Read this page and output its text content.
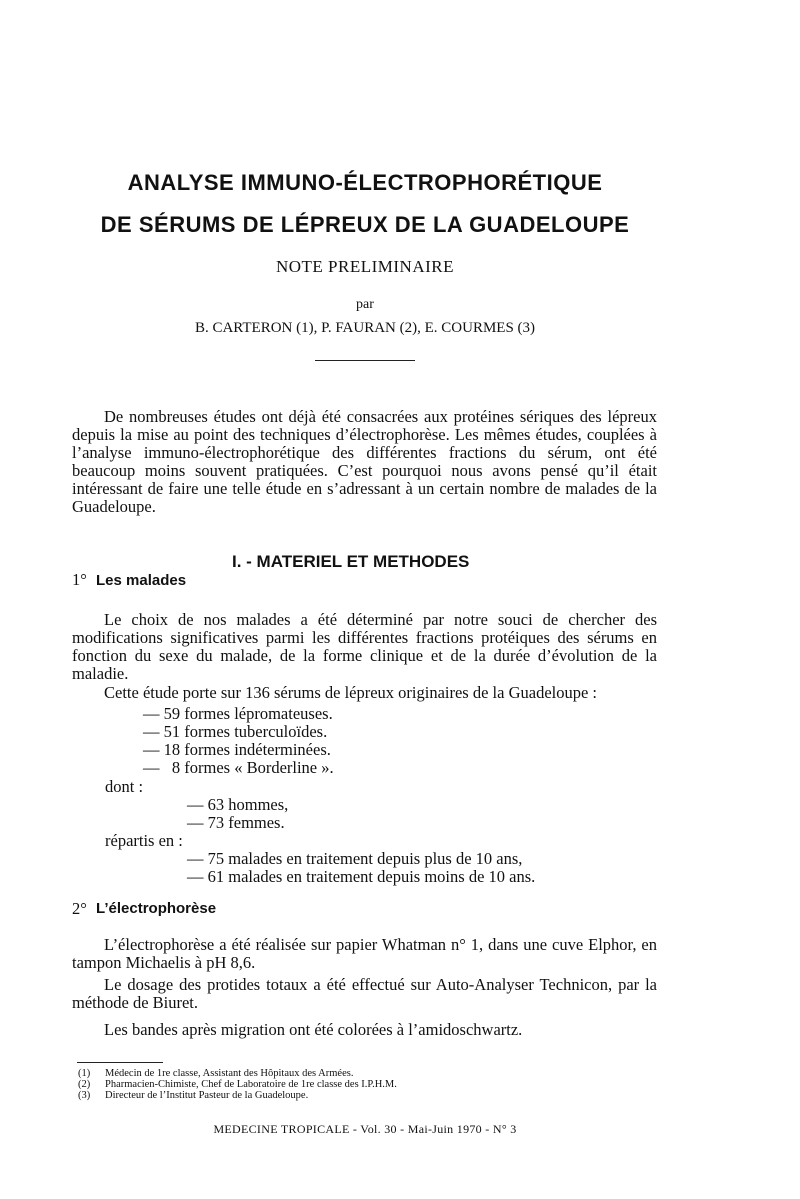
ANALYSE IMMUNO-ÉLECTROPHORÉTIQUE
DE SÉRUMS DE LÉPREUX DE LA GUADELOUPE
NOTE PRELIMINAIRE
par
B. CARTERON (1), P. FAURAN (2), E. COURMES (3)

De nombreuses études ont déjà été consacrées aux protéines sériques des lépreux depuis la mise au point des techniques d’électrophorèse. Les mêmes études, couplées à l’analyse immuno-électrophorétique des différentes fractions du sérum, ont été beaucoup moins souvent pratiquées. C’est pourquoi nous avons pensé qu’il était intéressant de faire une telle étude en s’adressant à un certain nombre de malades de la Guadeloupe.

I. - MATERIEL ET METHODES
1° Les malades

Le choix de nos malades a été déterminé par notre souci de chercher des modifications significatives parmi les différentes fractions protéiques des sérums en fonction du sexe du malade, de la forme clinique et de la durée d’évolution de la maladie.

Cette étude porte sur 136 sérums de lépreux originaires de la Guadeloupe :

— 59 formes lépromateuses.
— 51 formes tuberculoïdes.
— 18 formes indéterminées.
—   8 formes « Borderline ».
dont :
— 63 hommes,
— 73 femmes.
répartis en :
— 75 malades en traitement depuis plus de 10 ans,
— 61 malades en traitement depuis moins de 10 ans.
2° L’électrophorèse

L’électrophorèse a été réalisée sur papier Whatman n° 1, dans une cuve Elphor, en tampon Michaelis à pH 8,6.

Le dosage des protides totaux a été effectué sur Auto-Analyser Technicon, par la méthode de Biuret.

Les bandes après migration ont été colorées à l’amidoschwartz.

(1) Médecin de 1re classe, Assistant des Hôpitaux des Armées.
(2) Pharmacien-Chimiste, Chef de Laboratoire de 1re classe des I.P.H.M.
(3) Directeur de l’Institut Pasteur de la Guadeloupe.
MEDECINE TROPICALE - Vol. 30 - Mai-Juin 1970 - N° 3
